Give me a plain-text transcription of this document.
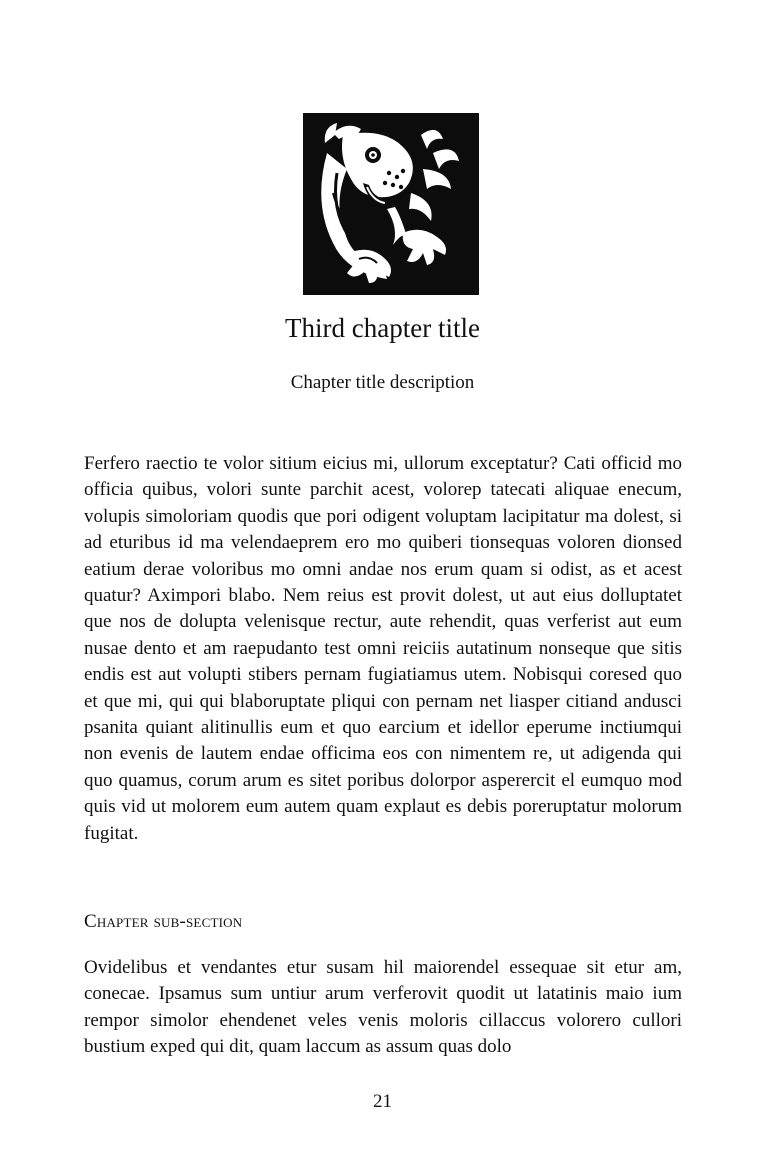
Third chapter title
Chapter title description

Ferfero raectio te volor sitium eicius mi, ullorum exceptatur? Cati officid mo officia quibus, volori sunte parchit acest, volorep tatecati aliquae enecum, volupis simoloriam quodis que pori odigent voluptam lacipitatur ma dolest, si ad eturibus id ma velendaeprem ero mo quiberi tionsequas voloren dionsed eatium derae voloribus mo omni andae nos erum quam si odist, as et acest quatur? Aximpori blabo. Nem reius est provit dolest, ut aut eius dolluptatet que nos de dolupta velenisque rectur, aute rehendit, quas verferist aut eum nusae dento et am raepudanto test omni reiciis autatinum nonseque que sitis endis est aut volupti stibers pernam fugiatiamus utem. Nobisqui coresed quo et que mi, qui qui blaboruptate pliqui con pernam net liasper citiand andusci psanita quiant alitinullis eum et quo earcium et idellor eperume inctiumqui non evenis de lautem endae officima eos con nimentem re, ut adigenda qui quo quamus, corum arum es sitet poribus dolorpor asperercit el eumquo mod quis vid ut molorem eum autem quam explaut es debis poreruptatur molorum fugitat.

Chapter sub-section

Ovidelibus et vendantes etur susam hil maiorendel essequae sit etur am, conecae. Ipsamus sum untiur arum verferovit quodit ut latatinis maio ium rempor simolor ehendenet veles venis moloris cillaccus volorero cullori bustium exped qui dit, quam laccum as assum quas dolo

21
